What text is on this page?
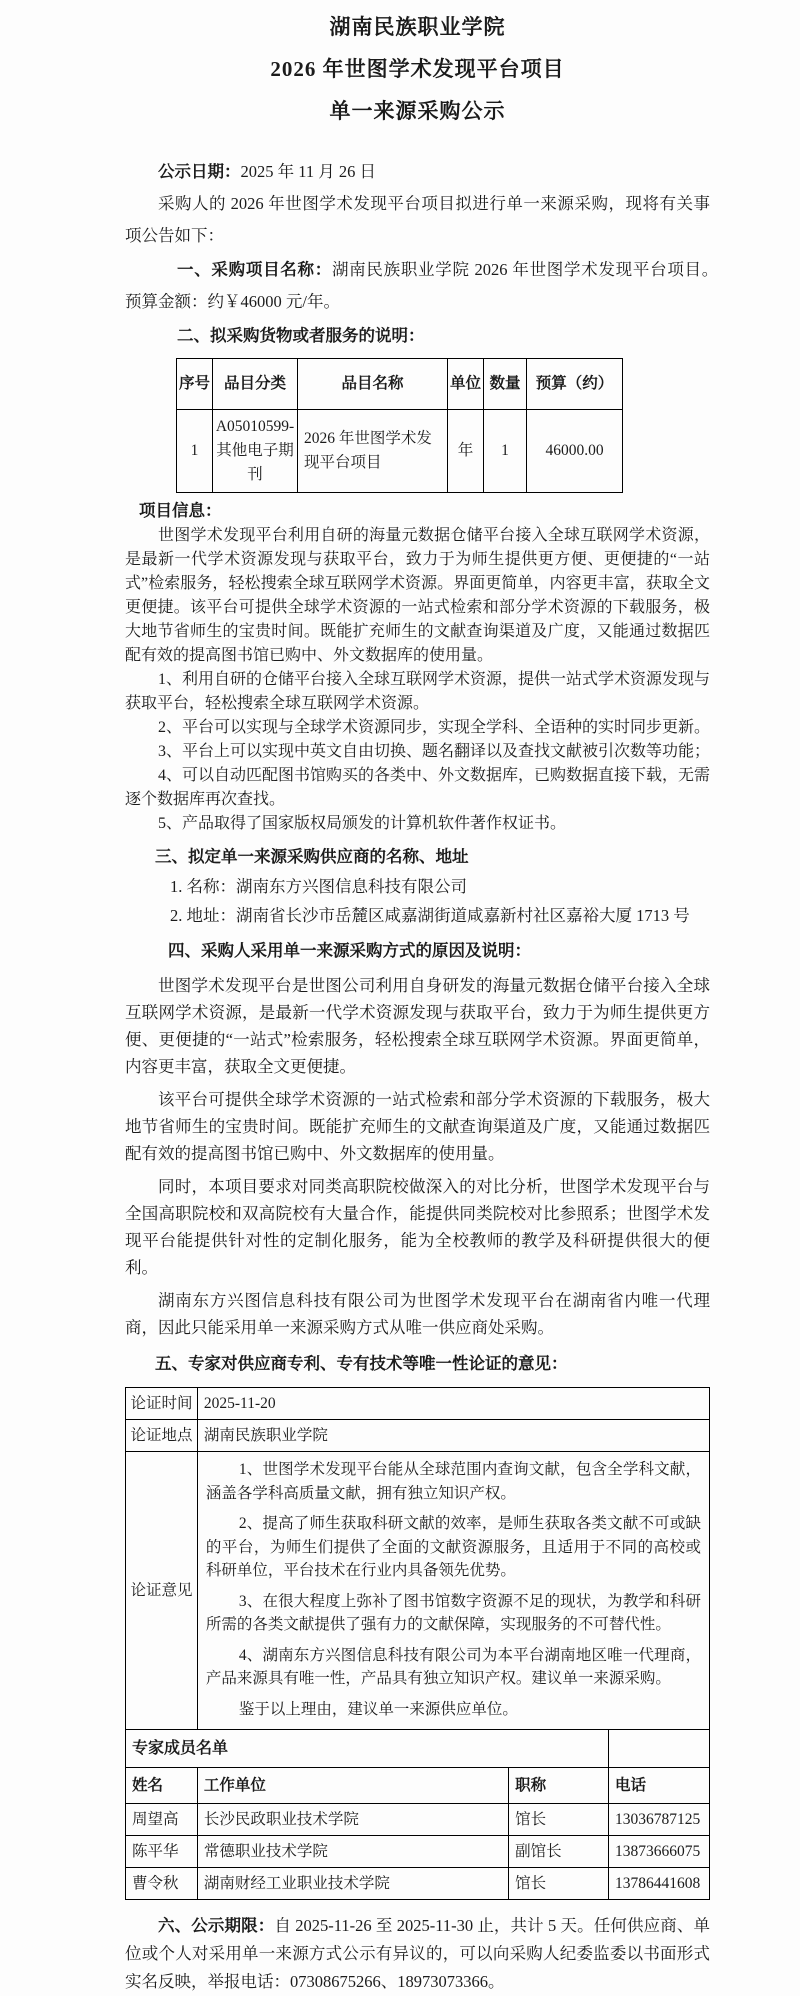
湖南民族职业学院
2026 年世图学术发现平台项目
单一来源采购公示

公示日期：2025 年 11 月 26 日

采购人的 2026 年世图学术发现平台项目拟进行单一来源采购，现将有关事项公告如下：

一、采购项目名称：湖南民族职业学院 2026 年世图学术发现平台项目。　预算金额：约￥46000 元/年。

二、拟采购货物或者服务的说明：

序号	品目分类	品目名称	单位	数量	预算（约）
1	A05010599-其他电子期刊	2026 年世图学术发现平台项目	年	1	46000.00

项目信息：

世图学术发现平台利用自研的海量元数据仓储平台接入全球互联网学术资源，是最新一代学术资源发现与获取平台，致力于为师生提供更方便、更便捷的“一站式”检索服务，轻松搜索全球互联网学术资源。界面更简单，内容更丰富，获取全文更便捷。该平台可提供全球学术资源的一站式检索和部分学术资源的下载服务，极大地节省师生的宝贵时间。既能扩充师生的文献查询渠道及广度，又能通过数据匹配有效的提高图书馆已购中、外文数据库的使用量。

1、利用自研的仓储平台接入全球互联网学术资源，提供一站式学术资源发现与获取平台，轻松搜索全球互联网学术资源。

2、平台可以实现与全球学术资源同步，实现全学科、全语种的实时同步更新。

3、平台上可以实现中英文自由切换、题名翻译以及查找文献被引次数等功能；

4、可以自动匹配图书馆购买的各类中、外文数据库，已购数据直接下载，无需逐个数据库再次查找。

5、产品取得了国家版权局颁发的计算机软件著作权证书。

三、拟定单一来源采购供应商的名称、地址

1. 名称：湖南东方兴图信息科技有限公司

2. 地址：湖南省长沙市岳麓区咸嘉湖街道咸嘉新村社区嘉裕大厦 1713 号

四、采购人采用单一来源采购方式的原因及说明：

世图学术发现平台是世图公司利用自身研发的海量元数据仓储平台接入全球互联网学术资源，是最新一代学术资源发现与获取平台，致力于为师生提供更方便、更便捷的“一站式”检索服务，轻松搜索全球互联网学术资源。界面更简单，内容更丰富，获取全文更便捷。

该平台可提供全球学术资源的一站式检索和部分学术资源的下载服务，极大地节省师生的宝贵时间。既能扩充师生的文献查询渠道及广度，又能通过数据匹配有效的提高图书馆已购中、外文数据库的使用量。

同时，本项目要求对同类高职院校做深入的对比分析，世图学术发现平台与全国高职院校和双高院校有大量合作，能提供同类院校对比参照系；世图学术发现平台能提供针对性的定制化服务，能为全校教师的教学及科研提供很大的便利。

湖南东方兴图信息科技有限公司为世图学术发现平台在湖南省内唯一代理商，因此只能采用单一来源采购方式从唯一供应商处采购。

五、专家对供应商专利、专有技术等唯一性论证的意见：

论证时间	2025-11-20		
论证地点	湖南民族职业学院		
论证意见	1、世图学术发现平台能从全球范围内查询文献，包含全学科文献，涵盖各学科高质量文献，拥有独立知识产权。

2、提高了师生获取科研文献的效率，是师生获取各类文献不可或缺的平台，为师生们提供了全面的文献资源服务，且适用于不同的高校或科研单位，平台技术在行业内具备领先优势。

3、在很大程度上弥补了图书馆数字资源不足的现状，为教学和科研所需的各类文献提供了强有力的文献保障，实现服务的不可替代性。

4、湖南东方兴图信息科技有限公司为本平台湖南地区唯一代理商，产品来源具有唯一性，产品具有独立知识产权。建议单一来源采购。

鉴于以上理由，建议单一来源供应单位。		

专家成员名单			
姓名	工作单位	职称	电话
周望高	长沙民政职业技术学院	馆长	13036787125
陈平华	常德职业技术学院	副馆长	13873666075
曹令秋	湖南财经工业职业技术学院	馆长	13786441608

六、公示期限：自 2025-11-26 至 2025-11-30 止，共计 5 天。任何供应商、单位或个人对采用单一来源方式公示有异议的，可以向采购人纪委监委以书面形式实名反映，举报电话：07308675266、18973073366。
